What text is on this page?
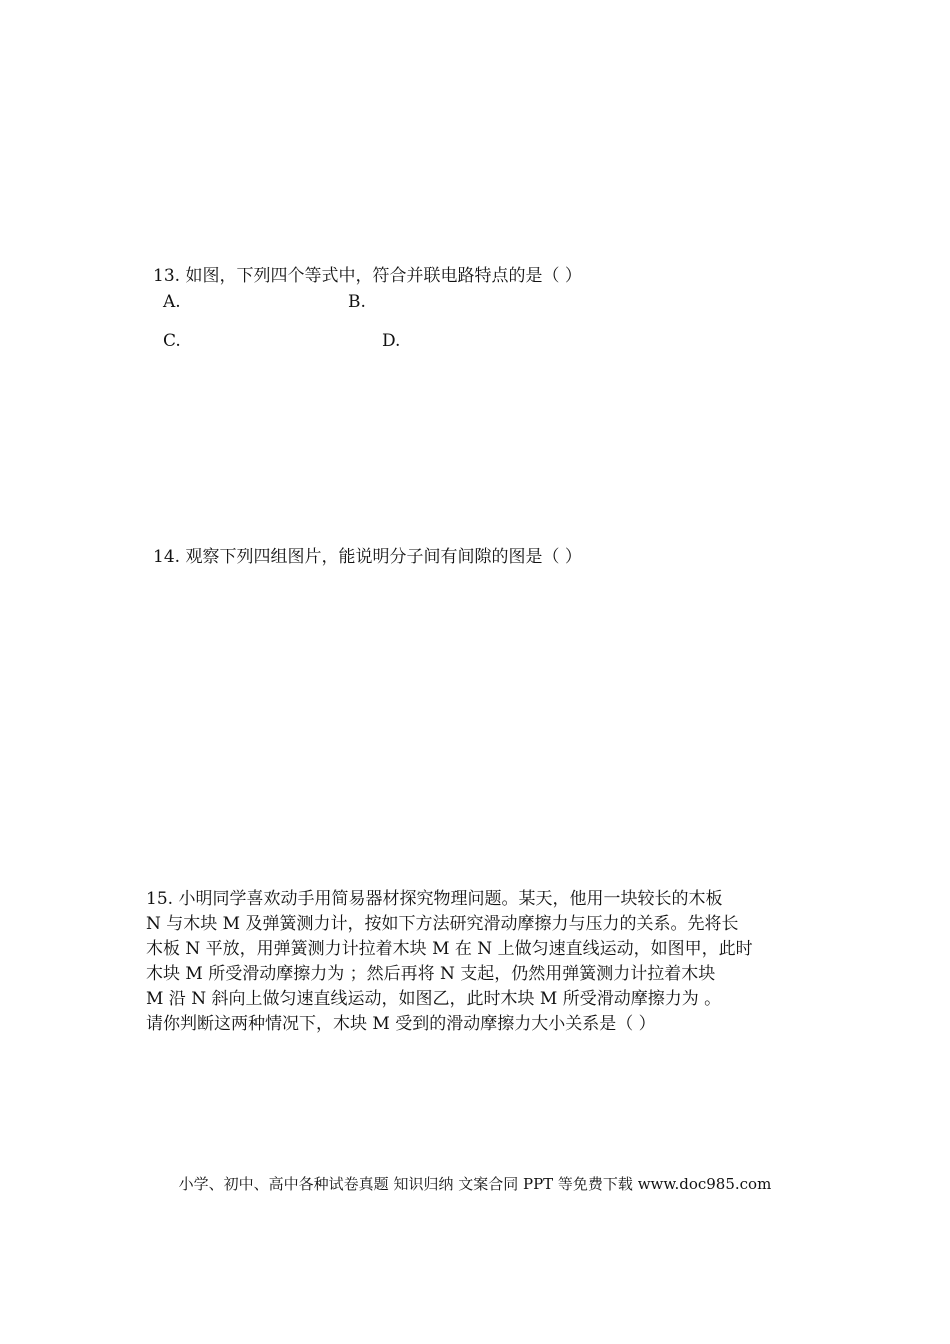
13. 如图，下列四个等式中，符合并联电路特点的是（ ）
A.	B.
C.	D.
14. 观察下列四组图片，能说明分子间有间隙的图是（ ）
15. 小明同学喜欢动手用简易器材探究物理问题。某天，他用一块较长的木板
N 与木块 M 及弹簧测力计，按如下方法研究滑动摩擦力与压力的关系。先将长
木板 N 平放，用弹簧测力计拉着木块 M 在 N 上做匀速直线运动，如图甲，此时
木块 M 所受滑动摩擦力为 ；然后再将 N 支起，仍然用弹簧测力计拉着木块
M 沿 N 斜向上做匀速直线运动，如图乙，此时木块 M 所受滑动摩擦力为 。
请你判断这两种情况下，木块 M 受到的滑动摩擦力大小关系是（ ）
小学、初中、高中各种试卷真题 知识归纳 文案合同 PPT 等免费下载 www.doc985.com
